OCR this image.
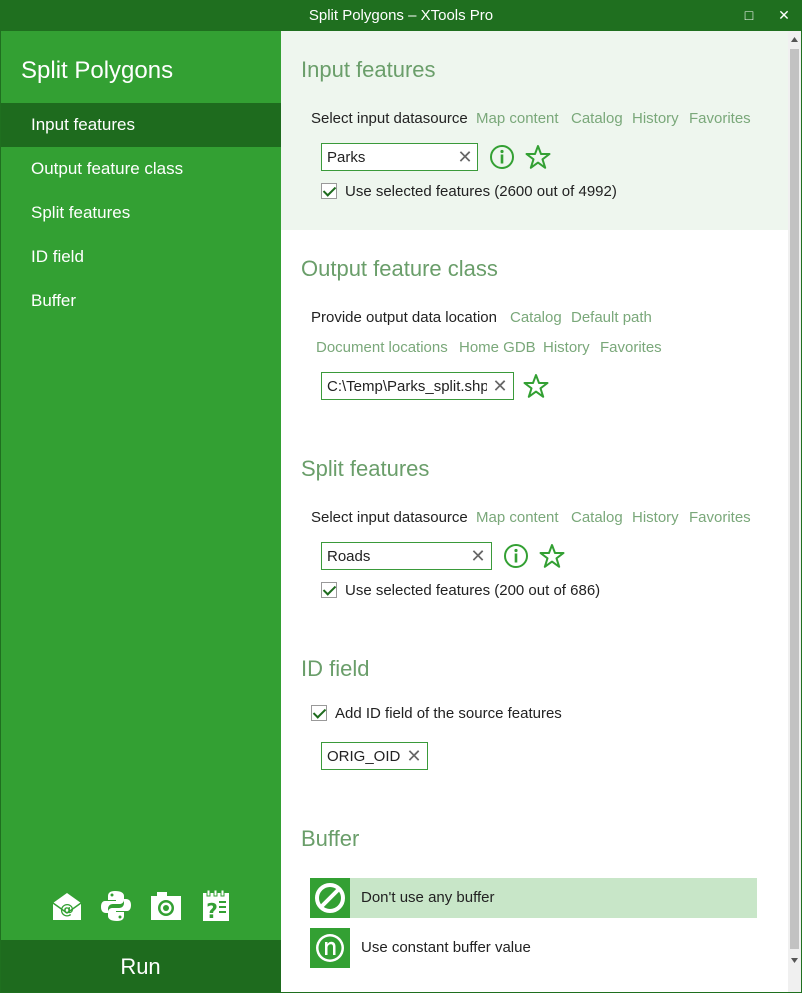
Split Polygons – XTools Pro	□	✕
Split Polygons
Input features
Output feature class
Split features
ID field
Buffer
@	?
Run
Input features
Select input datasource Map content Catalog History Favorites
Parks
✕
Use selected features (2600 out of 4992)
Output feature class
Provide output data location Catalog Default path
Document locations Home GDB History Favorites
C:\Temp\Parks_split.shp
✕
Split features
Select input datasource Map content Catalog History Favorites
Roads
✕
Use selected features (200 out of 686)
ID field
Add ID field of the source features
ORIG_OID
✕
Buffer
Don't use any buffer
Use constant buffer value
